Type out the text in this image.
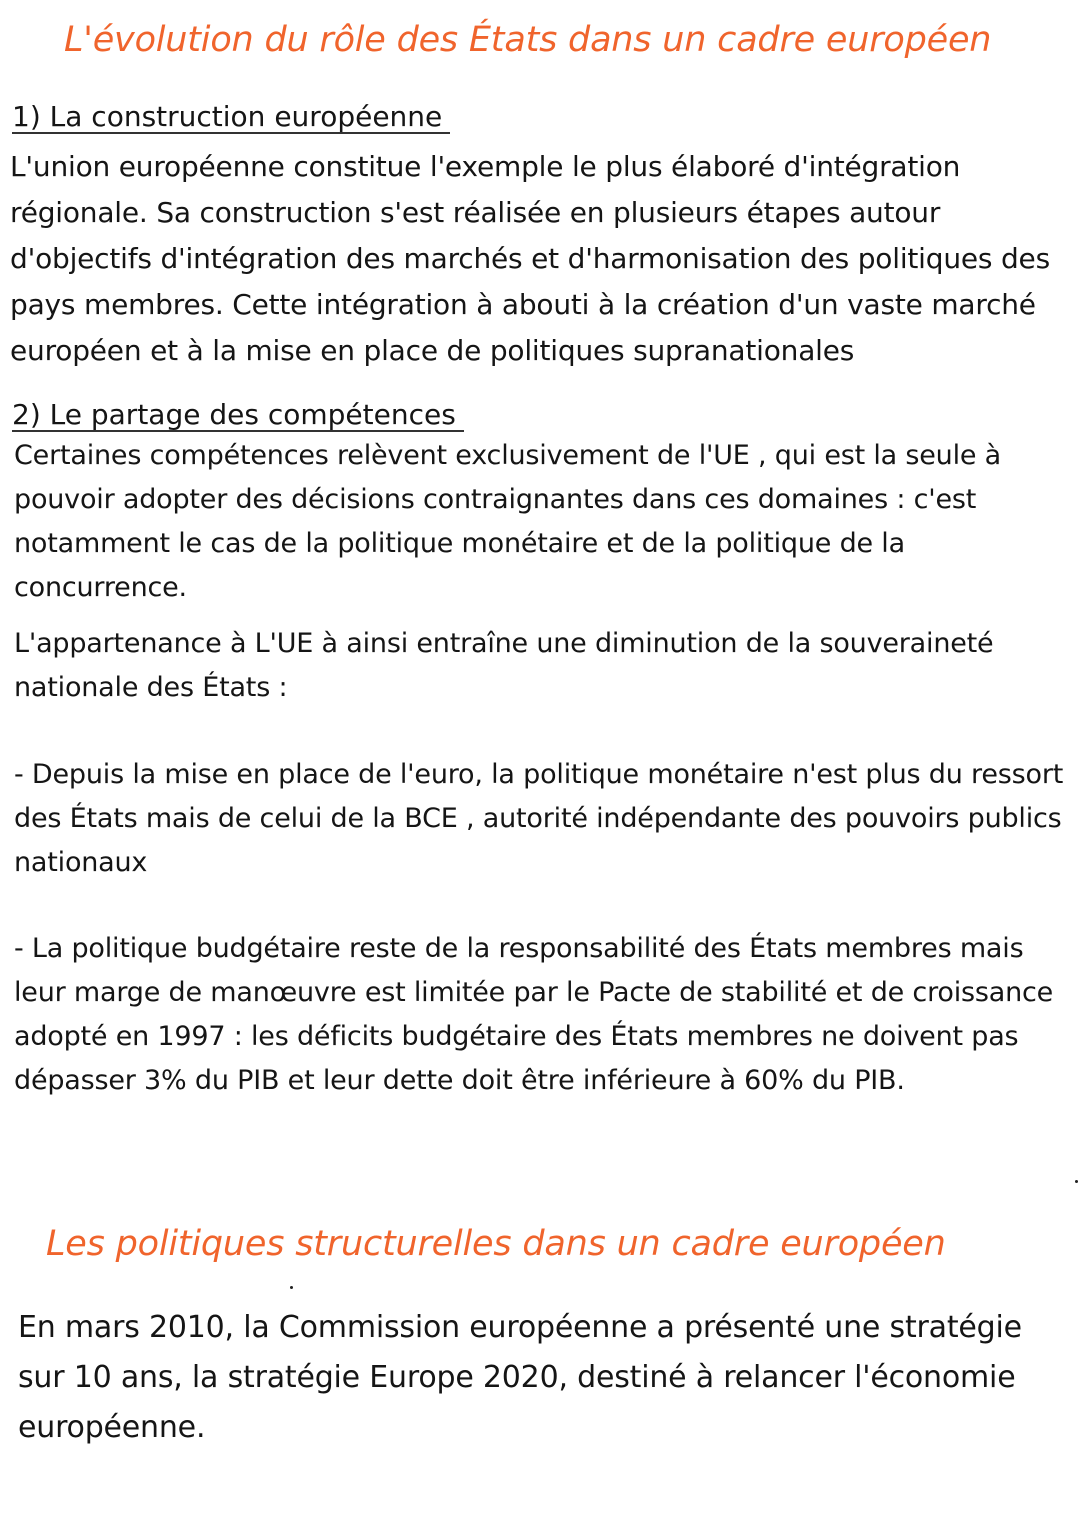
L'évolution du rôle des États dans un cadre européen
1) La construction européenne

L'union européenne constitue l'exemple le plus élaboré d'intégration régionale. Sa construction s'est réalisée en plusieurs étapes autour d'objectifs d'intégration des marchés et d'harmonisation des politiques des pays membres. Cette intégration à abouti à la création d'un vaste marché européen et à la mise en place de politiques supranationales

2) Le partage des compétences

Certaines compétences relèvent exclusivement de l'UE , qui est la seule à pouvoir adopter des décisions contraignantes dans ces domaines : c'est notamment le cas de la politique monétaire et de la politique de la concurrence.

L'appartenance à L'UE à ainsi entraîne une diminution de la souveraineté nationale des États :

- Depuis la mise en place de l'euro, la politique monétaire n'est plus du ressort des États mais de celui de la BCE , autorité indépendante des pouvoirs publics nationaux

- La politique budgétaire reste de la responsabilité des États membres mais leur marge de manœuvre est limitée par le Pacte de stabilité et de croissance adopté en 1997 : les déficits budgétaire des États membres ne doivent pas dépasser 3% du PIB et leur dette doit être inférieure à 60% du PIB.

Les politiques structurelles dans un cadre européen

En mars 2010, la Commission européenne a présenté une stratégie sur 10 ans, la stratégie Europe 2020, destiné à relancer l'économie européenne.
